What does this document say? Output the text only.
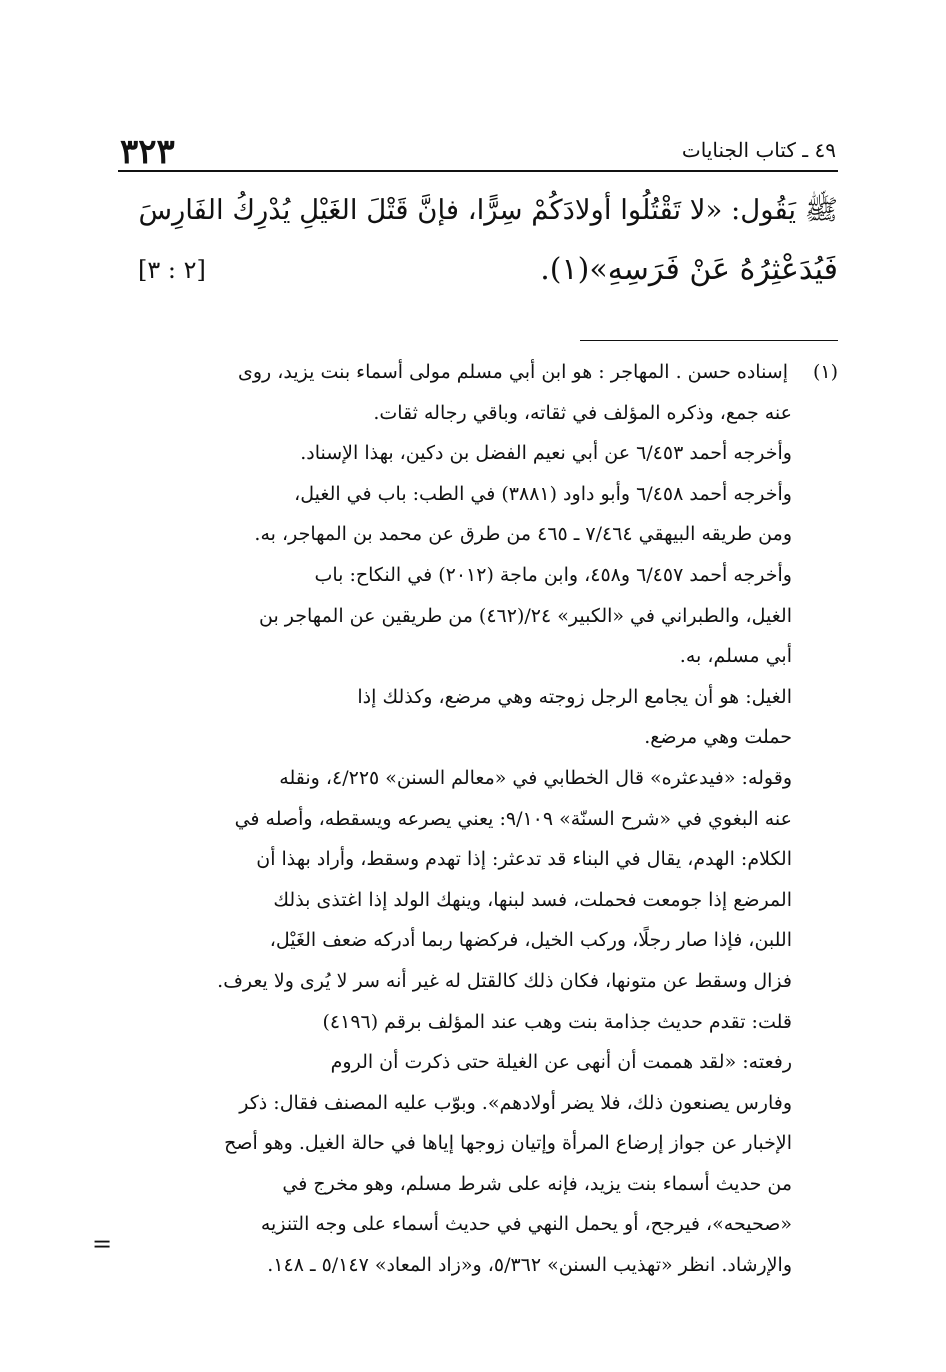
٣٢٣	٤٩ ـ كتاب الجنايات
ﷺ يَقُول: «لا تَقْتُلُوا أولادَكُمْ سِرًّا، فإنَّ قَتْلَ الغَيْلِ يُدْرِكُ الفَارِسَ
فَيُدَعْثِرُهُ عَنْ فَرَسِهِ»(١).
[٢ : ٣]
(١)إسناده حسن . المهاجر : هو ابن أبي مسلم مولى أسماء بنت يزيد، روى
عنه جمع، وذكره المؤلف في ثقاته، وباقي رجاله ثقات.
وأخرجه أحمد ٦/٤٥٣ عن أبي نعيم الفضل بن دكين، بهذا الإسناد.
وأخرجه أحمد ٦/٤٥٨ وأبو داود (٣٨٨١) في الطب: باب في الغيل،
ومن طريقه البيهقي ٧/٤٦٤ ـ ٤٦٥ من طرق عن محمد بن المهاجر، به.
وأخرجه أحمد ٦/٤٥٧ و٤٥٨، وابن ماجة (٢٠١٢) في النكاح: باب
الغيل، والطبراني في «الكبير» ٢٤/(٤٦٢) من طريقين عن المهاجر بن
أبي مسلم، به.
الغيل: هو أن يجامع الرجل زوجته وهي مرضع، وكذلك إذا
حملت وهي مرضع.
وقوله: «فيدعثره» قال الخطابي في «معالم السنن» ٤/٢٢٥، ونقله
عنه البغوي في «شرح السنّة» ٩/١٠٩: يعني يصرعه ويسقطه، وأصله في
الكلام: الهدم، يقال في البناء قد تدعثر: إذا تهدم وسقط، وأراد بهذا أن
المرضع إذا جومعت فحملت، فسد لبنها، وينهك الولد إذا اغتذى بذلك
اللبن، فإذا صار رجلًا، وركب الخيل، فركضها ربما أدركه ضعف الغَيْل،
فزال وسقط عن متونها، فكان ذلك كالقتل له غير أنه سر لا يُرى ولا يعرف.
قلت: تقدم حديث جذامة بنت وهب عند المؤلف برقم (٤١٩٦)
رفعته: «لقد هممت أن أنهى عن الغيلة حتى ذكرت أن الروم
وفارس يصنعون ذلك، فلا يضر أولادهم». وبوّب عليه المصنف فقال: ذكر
الإخبار عن جواز إرضاع المرأة وإتيان زوجها إياها في حالة الغيل. وهو أصح
من حديث أسماء بنت يزيد، فإنه على شرط مسلم، وهو مخرج في
«صحيحه»، فيرجح، أو يحمل النهي في حديث أسماء على وجه التنزيه
والإرشاد. انظر «تهذيب السنن» ٥/٣٦٢، و«زاد المعاد» ٥/١٤٧ ـ ١٤٨.
=
